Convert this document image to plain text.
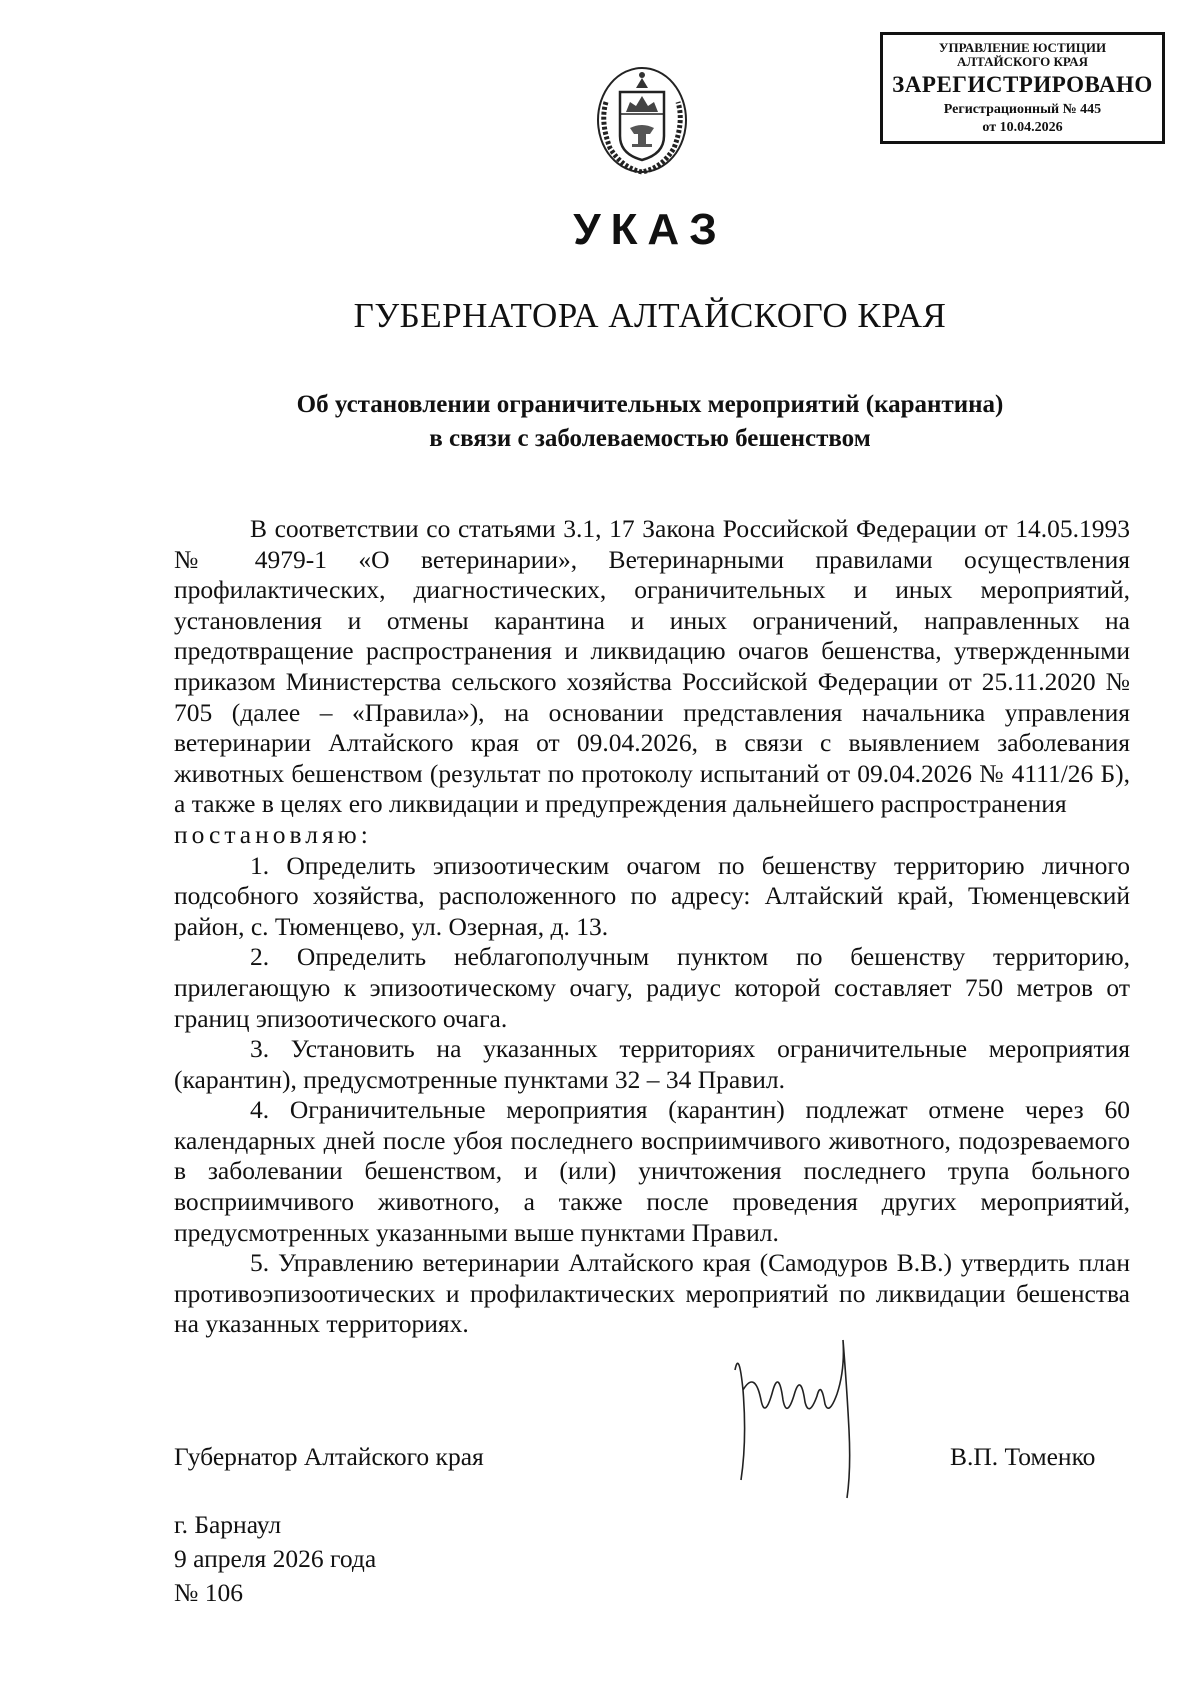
УПРАВЛЕНИЕ ЮСТИЦИИ
АЛТАЙСКОГО КРАЯ
ЗАРЕГИСТРИРОВАНО
Регистрационный № 445
от 10.04.2026
УКАЗ
ГУБЕРНАТОРА АЛТАЙСКОГО КРАЯ
Об установлении ограничительных мероприятий (карантина)
в связи с заболеваемостью бешенством

В соответствии со статьями 3.1, 17 Закона Российской Федерации от 14.05.1993 № 4979-1 «О ветеринарии», Ветеринарными правилами осуществления профилактических, диагностических, ограничительных и иных мероприятий, установления и отмены карантина и иных ограничений, направленных на предотвращение распространения и ликвидацию очагов бешенства, утвержденными приказом Министерства сельского хозяйства Российской Федерации от 25.11.2020 № 705 (далее – «Правила»), на основании представления начальника управления ветеринарии Алтайского края от 09.04.2026, в связи с выявлением заболевания животных бешенством (результат по протоколу испытаний от 09.04.2026 № 4111/26 Б), а также в целях его ликвидации и предупреждения дальнейшего распространения
постановляю:

1. Определить эпизоотическим очагом по бешенству территорию личного подсобного хозяйства, расположенного по адресу: Алтайский край, Тюменцевский район, с. Тюменцево, ул. Озерная, д. 13.

2. Определить неблагополучным пунктом по бешенству территорию, прилегающую к эпизоотическому очагу, радиус которой составляет 750 метров от границ эпизоотического очага.

3. Установить на указанных территориях ограничительные мероприятия (карантин), предусмотренные пунктами 32 – 34 Правил.

4. Ограничительные мероприятия (карантин) подлежат отмене через 60 календарных дней после убоя последнего восприимчивого животного, подозреваемого в заболевании бешенством, и (или) уничтожения последнего трупа больного восприимчивого животного, а также после проведения других мероприятий, предусмотренных указанными выше пунктами Правил.

5. Управлению ветеринарии Алтайского края (Самодуров В.В.) утвердить план противоэпизоотических и профилактических мероприятий по ликвидации бешенства на указанных территориях.

Губернатор Алтайского края	В.П. Томенко
г. Барнаул
9 апреля 2026 года
№ 106
